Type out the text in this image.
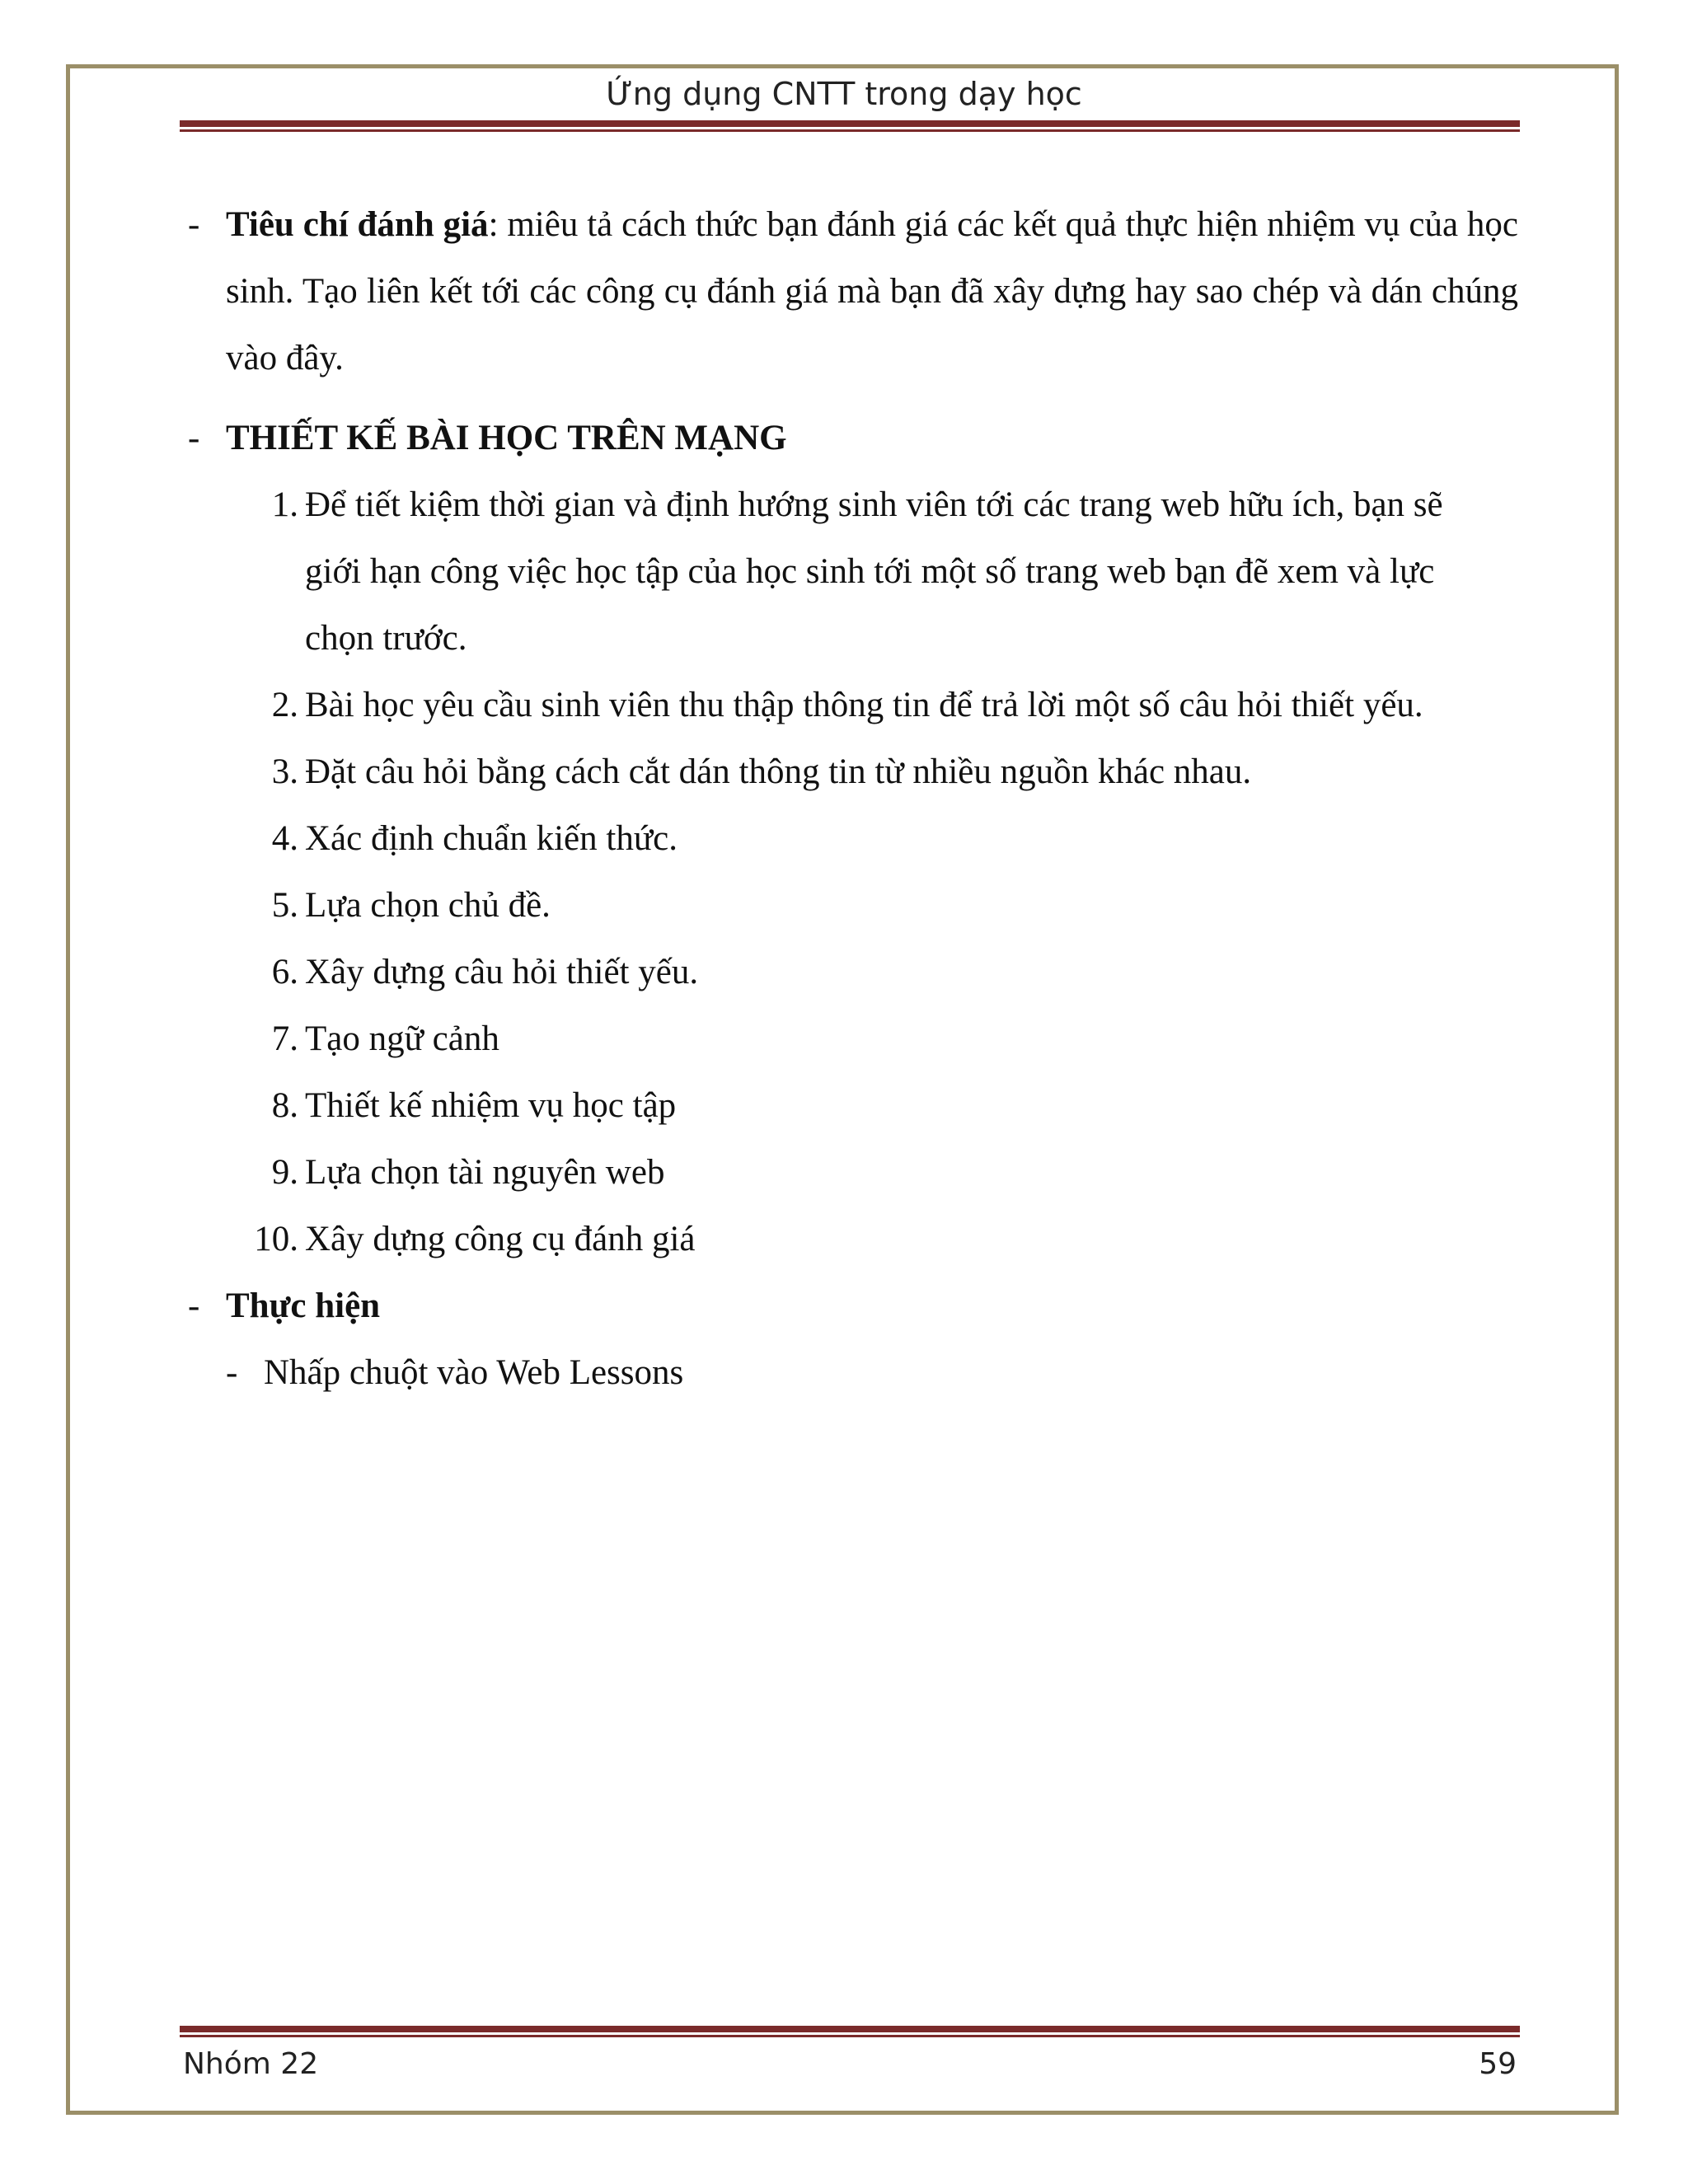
Ứng dụng CNTT trong dạy học
- Tiêu chí đánh giá: miêu tả cách thức bạn đánh giá các kết quả thực hiện nhiệm vụ của học sinh. Tạo liên kết tới các công cụ đánh giá mà bạn đã xây dựng hay sao chép và dán chúng vào đây.
- THIẾT KẾ BÀI HỌC TRÊN MẠNG
1. Để tiết kiệm thời gian và định hướng sinh viên tới các trang web hữu ích, bạn sẽ giới hạn công việc học tập của học sinh tới một số trang web bạn đẽ xem và lực chọn trước.
2. Bài học yêu cầu sinh viên thu thập thông tin để trả lời một số câu hỏi thiết yếu.
3. Đặt câu hỏi bằng cách cắt dán thông tin từ nhiều nguồn khác nhau.
4. Xác định chuẩn kiến thức.
5. Lựa chọn chủ đề.
6. Xây dựng câu hỏi thiết yếu.
7. Tạo ngữ cảnh
8. Thiết kế nhiệm vụ học tập
9. Lựa chọn tài nguyên web
10. Xây dựng công cụ đánh giá
- Thực hiện
- Nhấp chuột vào Web Lessons
Nhóm 22	59
